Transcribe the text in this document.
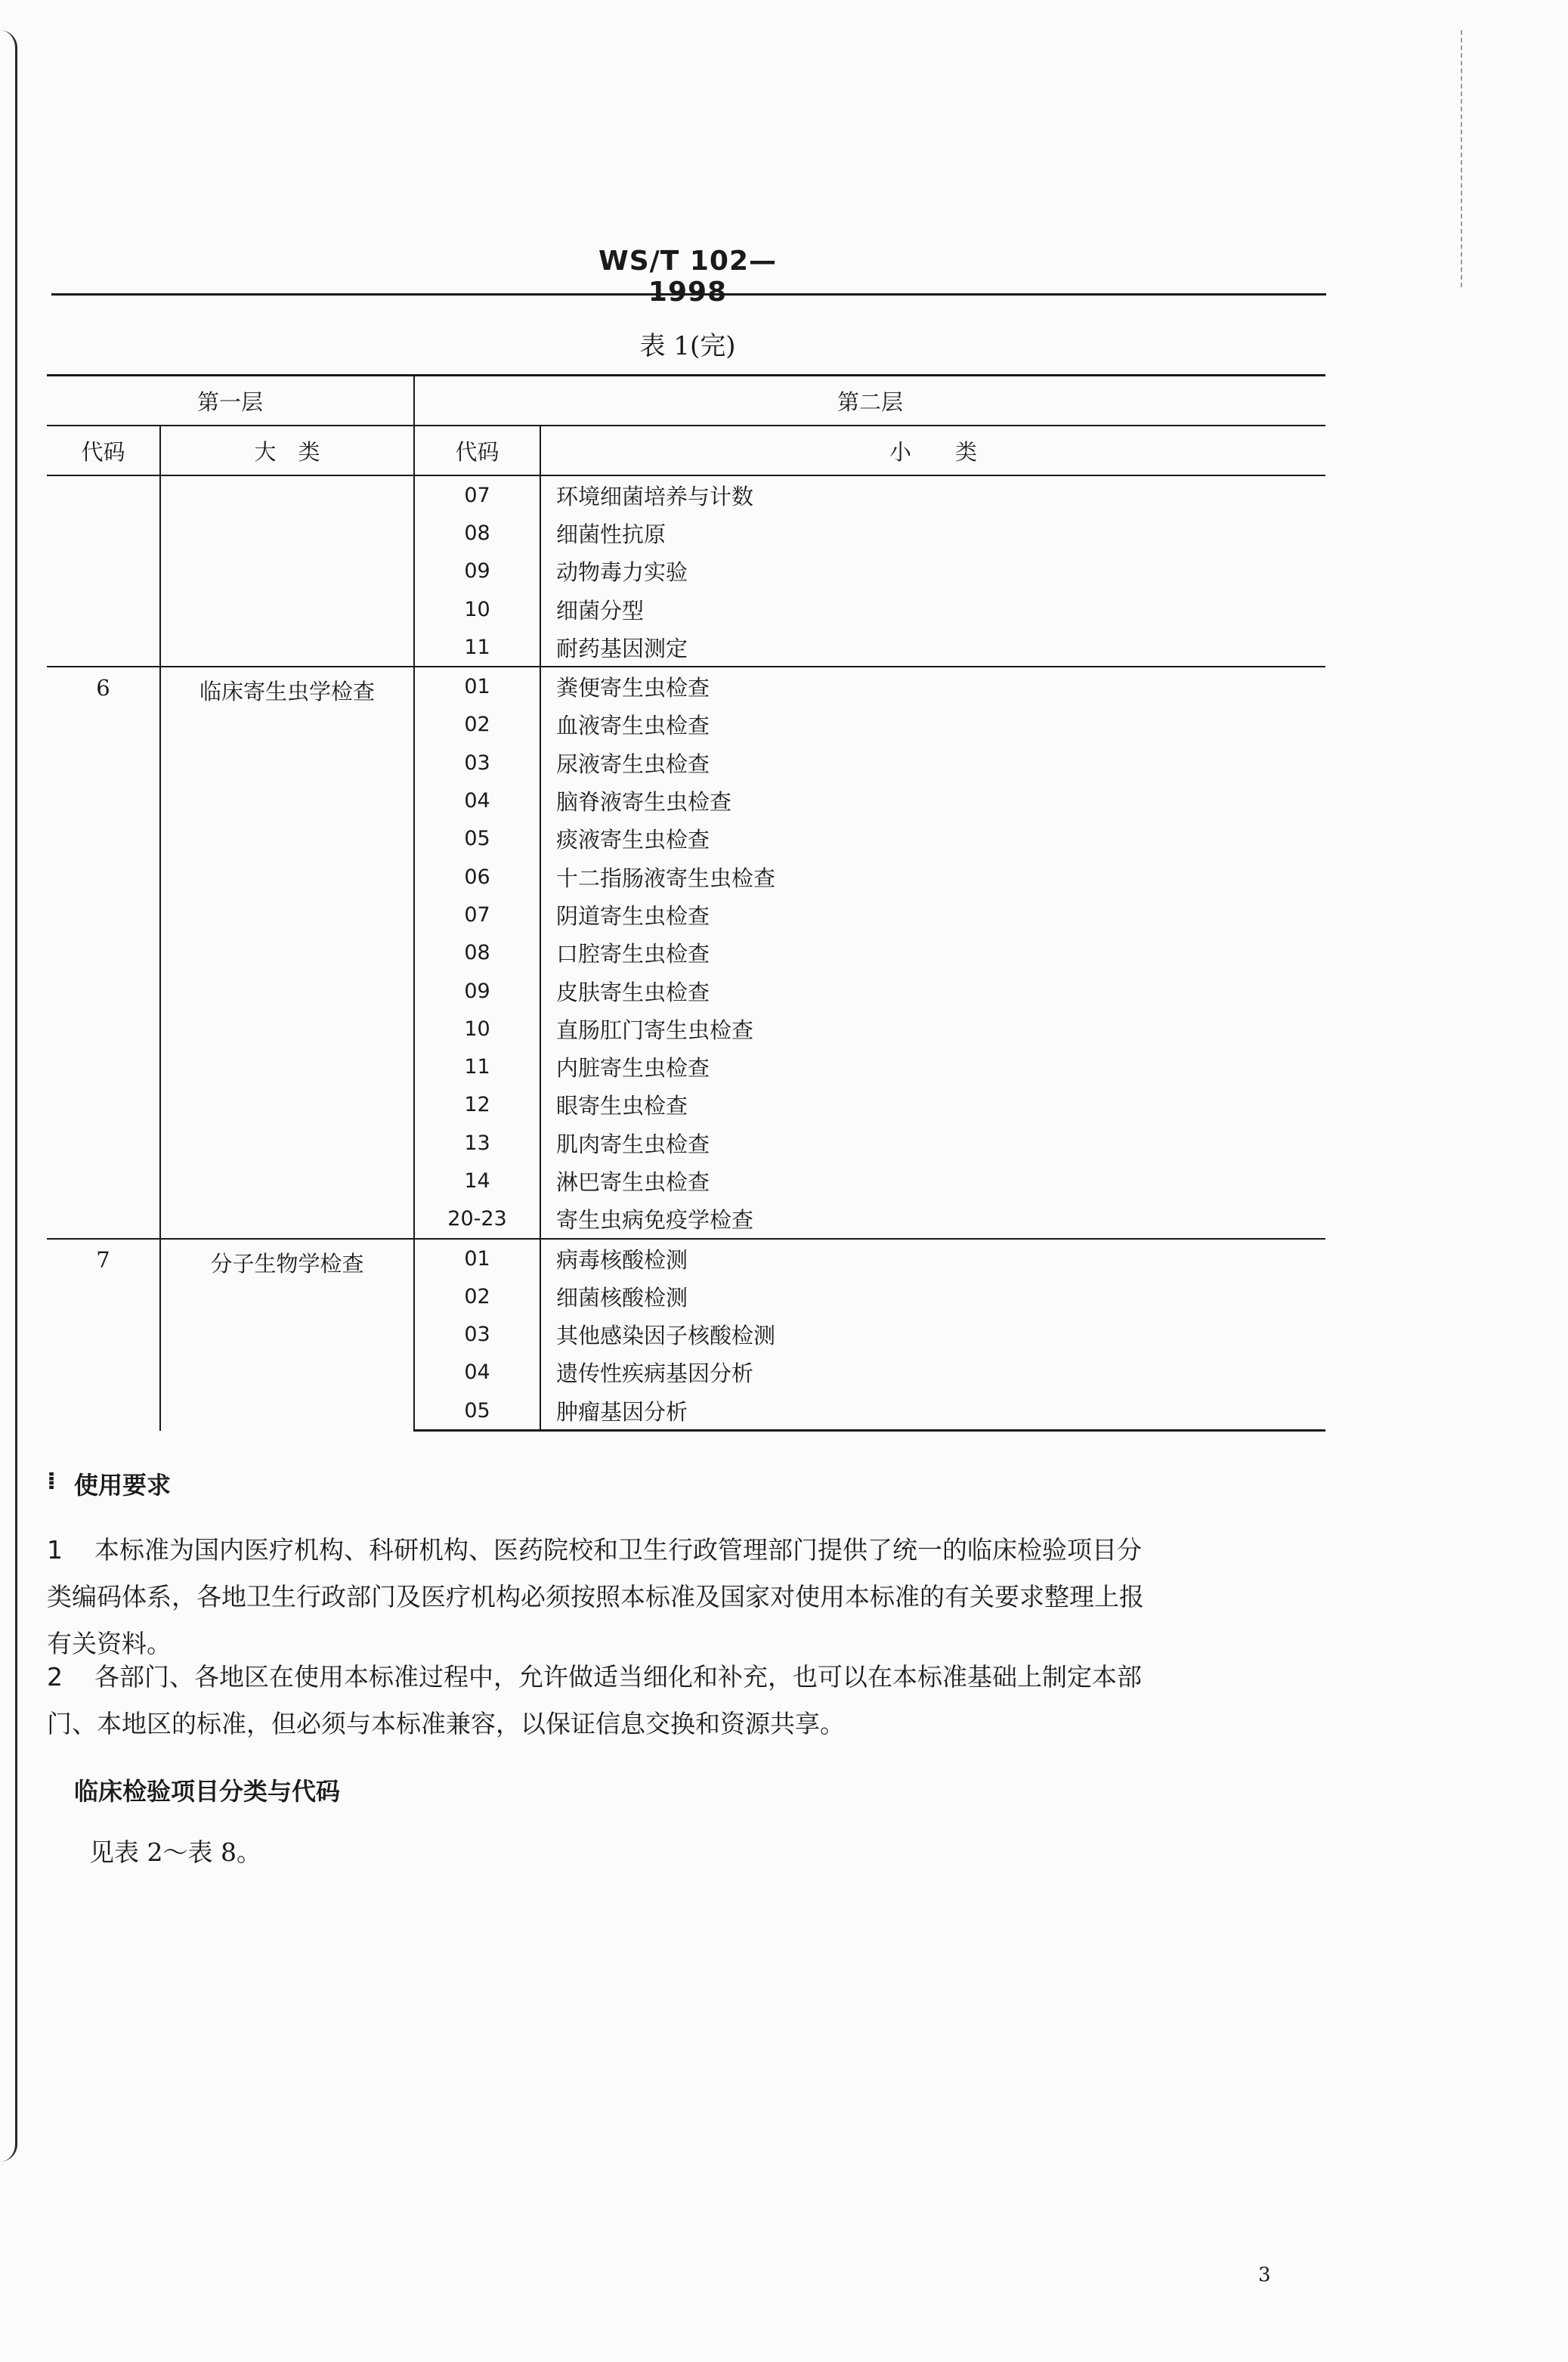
WS/T 102—1998
表 1(完)
第一层		第二层	
代码	大　类	代码	小　　类
		07	环境细菌培养与计数
		08	细菌性抗原
		09	动物毒力实验
		10	细菌分型
		11	耐药基因测定
6	临床寄生虫学检查	01	粪便寄生虫检查
		02	血液寄生虫检查
		03	尿液寄生虫检查
		04	脑脊液寄生虫检查
		05	痰液寄生虫检查
		06	十二指肠液寄生虫检查
		07	阴道寄生虫检查
		08	口腔寄生虫检查
		09	皮肤寄生虫检查
		10	直肠肛门寄生虫检查
		11	内脏寄生虫检查
		12	眼寄生虫检查
		13	肌肉寄生虫检查
		14	淋巴寄生虫检查
		20-23	寄生虫病免疫学检查
7	分子生物学检查	01	病毒核酸检测
		02	细菌核酸检测
		03	其他感染因子核酸检测
		04	遗传性疾病基因分析
		05	肿瘤基因分析
⁞ 使用要求
1 本标准为国内医疗机构、科研机构、医药院校和卫生行政管理部门提供了统一的临床检验项目分
类编码体系，各地卫生行政部门及医疗机构必须按照本标准及国家对使用本标准的有关要求整理上报
有关资料。
2 各部门、各地区在使用本标准过程中，允许做适当细化和补充，也可以在本标准基础上制定本部
门、本地区的标准，但必须与本标准兼容，以保证信息交换和资源共享。
临床检验项目分类与代码
见表 2～表 8。
3
